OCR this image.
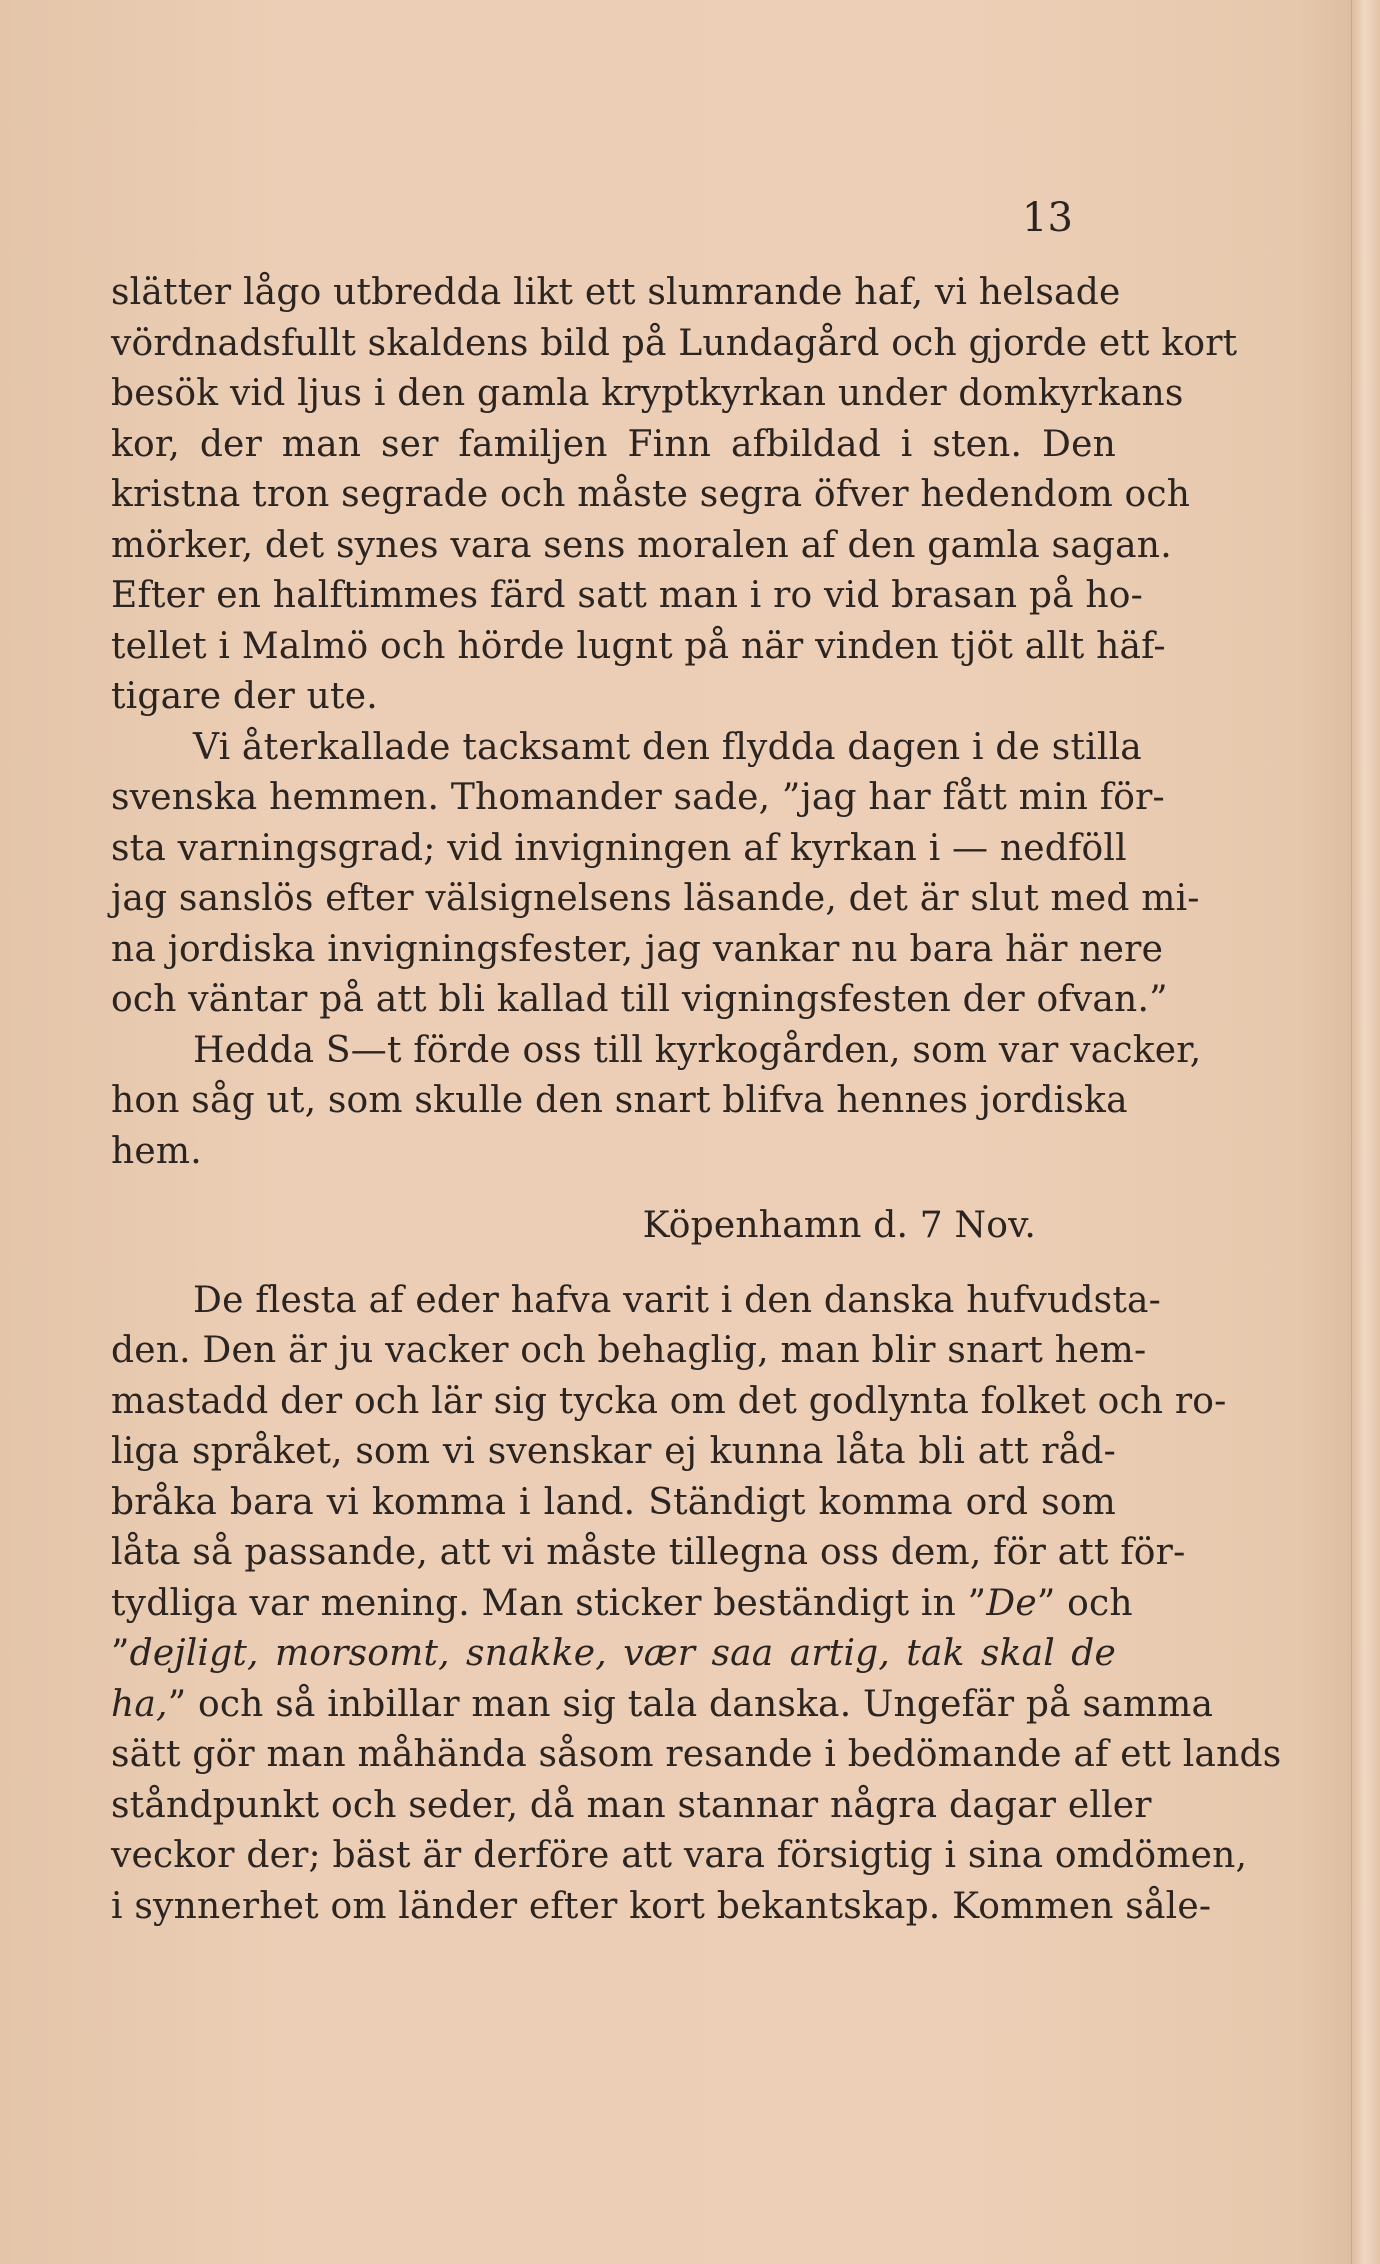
13
slätter lågo utbredda likt ett slumrande haf, vi helsade
vördnadsfullt skaldens bild på Lundagård och gjorde ett kort
besök vid ljus i den gamla kryptkyrkan under domkyrkans
kor, der man ser familjen Finn afbildad i sten. Den
kristna tron segrade och måste segra öfver hedendom och
mörker, det synes vara sens moralen af den gamla sagan.
Efter en halftimmes färd satt man i ro vid brasan på ho-
tellet i Malmö och hörde lugnt på när vinden tjöt allt häf-
tigare der ute.
Vi återkallade tacksamt den flydda dagen i de stilla
svenska hemmen. Thomander sade, ”jag har fått min för-
sta varningsgrad; vid invigningen af kyrkan i — nedföll
jag sanslös efter välsignelsens läsande, det är slut med mi-
na jordiska invigningsfester, jag vankar nu bara här nere
och väntar på att bli kallad till vigningsfesten der ofvan.”
Hedda S—t förde oss till kyrkogården, som var vacker,
hon såg ut, som skulle den snart blifva hennes jordiska
hem.
Köpenhamn d. 7 Nov.
De flesta af eder hafva varit i den danska hufvudsta-
den. Den är ju vacker och behaglig, man blir snart hem-
mastadd der och lär sig tycka om det godlynta folket och ro-
liga språket, som vi svenskar ej kunna låta bli att råd-
bråka bara vi komma i land. Ständigt komma ord som
låta så passande, att vi måste tillegna oss dem, för att för-
tydliga var mening. Man sticker beständigt in ”De” och
”dejligt, morsomt, snakke, vær saa artig, tak skal de
ha,” och så inbillar man sig tala danska. Ungefär på samma
sätt gör man måhända såsom resande i bedömande af ett lands
ståndpunkt och seder, då man stannar några dagar eller
veckor der; bäst är derföre att vara försigtig i sina omdömen,
i synnerhet om länder efter kort bekantskap. Kommen såle-
